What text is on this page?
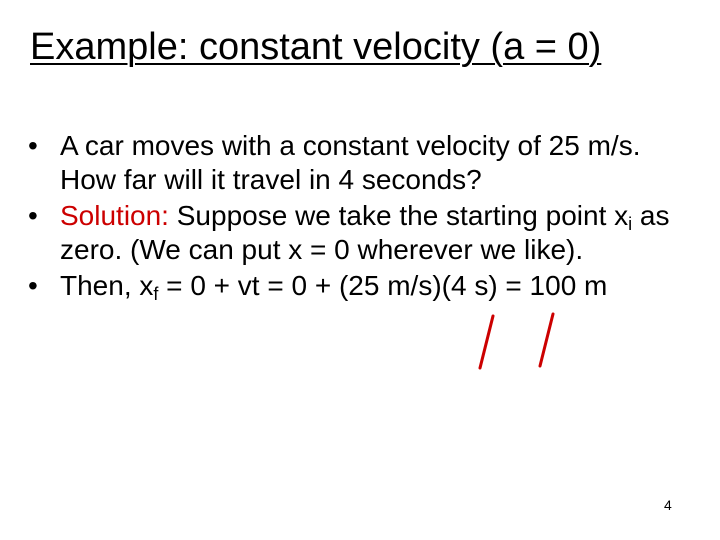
Example: constant velocity (a = 0)
• A car moves with a constant velocity of 25 m/s. How far will it travel in 4 seconds?
• Solution: Suppose we take the starting point $x_i$ as zero. (We can put x = 0 wherever we like).
• Then, $x_f = 0$ + vt = 0 + (25 m/s)(4 s) = 100 m
4
